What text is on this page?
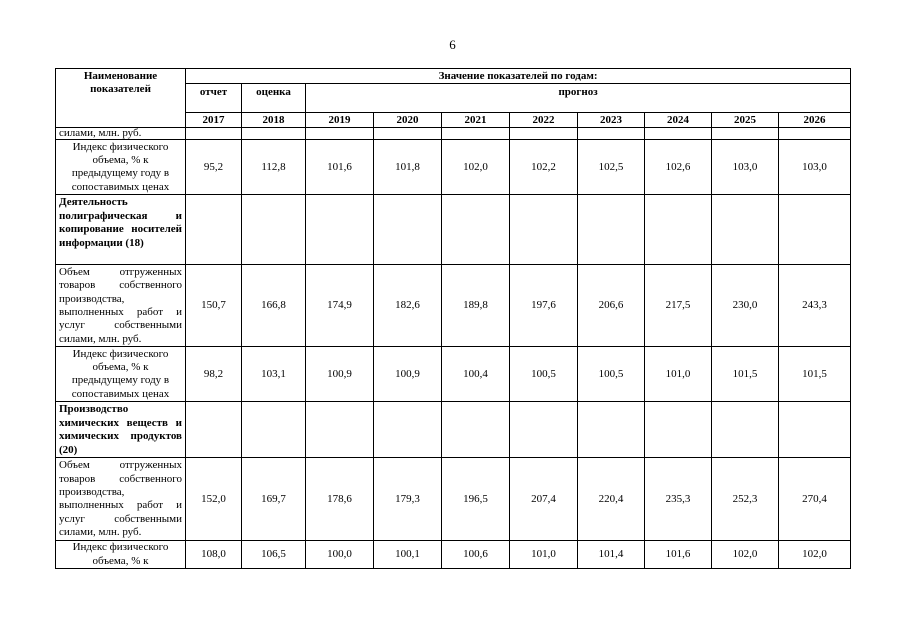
6
Наименование показателей	Значение показателей по годам:									
	отчет	оценка	прогноз							
	2017	2018	2019	2020	2021	2022	2023	2024	2025	2026
силами, млн. руб.										
Индекс физического объема, % к предыдущему году в сопоставимых ценах	95,2	112,8	101,6	101,8	102,0	102,2	102,5	102,6	103,0	103,0
Деятельность полиграфическая и копирование носителей информации (18)										
Объем отгруженных товаров собственного производства, выполненных работ и услуг собственными силами, млн. руб.	150,7	166,8	174,9	182,6	189,8	197,6	206,6	217,5	230,0	243,3
Индекс физического объема, % к предыдущему году в сопоставимых ценах	98,2	103,1	100,9	100,9	100,4	100,5	100,5	101,0	101,5	101,5
Производство химических веществ и химических продуктов (20)										
Объем отгруженных товаров собственного производства, выполненных работ и услуг собственными силами, млн. руб.	152,0	169,7	178,6	179,3	196,5	207,4	220,4	235,3	252,3	270,4
Индекс физического объема, % к	108,0	106,5	100,0	100,1	100,6	101,0	101,4	101,6	102,0	102,0
